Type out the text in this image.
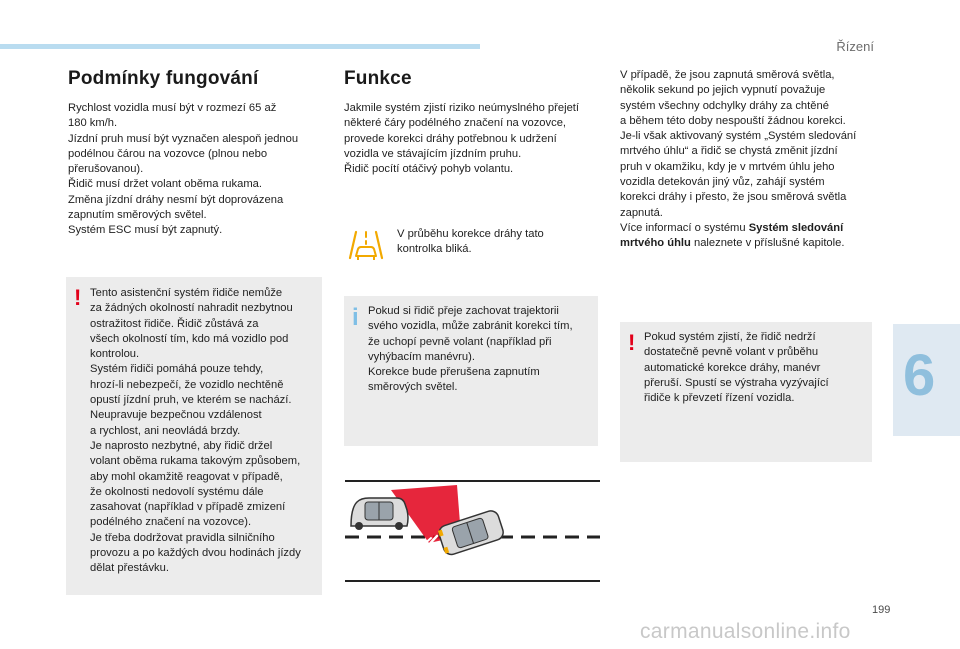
Řízení
Podmínky fungování

Rychlost vozidla musí být v rozmezí 65 až

180 km/h.

Jízdní pruh musí být vyznačen alespoň jednou

podélnou čárou na vozovce (plnou nebo

přerušovanou).

Řidič musí držet volant oběma rukama.

Změna jízdní dráhy nesmí být doprovázena

zapnutím směrových světel.

Systém ESC musí být zapnutý.

! Tento asistenční systém řidiče nemůže

za žádných okolností nahradit nezbytnou

ostražitost řidiče. Řidič zůstává za

všech okolností tím, kdo má vozidlo pod

kontrolou.

Systém řidiči pomáhá pouze tehdy,

hrozí-li nebezpečí, že vozidlo nechtěně

opustí jízdní pruh, ve kterém se nachází.

Neupravuje bezpečnou vzdálenost

a rychlost, ani neovládá brzdy.

Je naprosto nezbytné, aby řidič držel

volant oběma rukama takovým způsobem,

aby mohl okamžitě reagovat v případě,

že okolnosti nedovolí systému dále

zasahovat (například v případě zmizení

podélného značení na vozovce).

Je třeba dodržovat pravidla silničního

provozu a po každých dvou hodinách jízdy

dělat přestávku.

Funkce

Jakmile systém zjistí riziko neúmyslného přejetí

některé čáry podélného značení na vozovce,

provede korekci dráhy potřebnou k udržení

vozidla ve stávajícím jízdním pruhu.

Řidič pocítí otáčivý pohyb volantu.

V průběhu korekce dráhy tato

kontrolka bliká.

i Pokud si řidič přeje zachovat trajektorii

svého vozidla, může zabránit korekci tím,

že uchopí pevně volant (například při

vyhýbacím manévru).

Korekce bude přerušena zapnutím

směrových světel.

V případě, že jsou zapnutá směrová světla,

několik sekund po jejich vypnutí považuje

systém všechny odchylky dráhy za chtěné

a během této doby nespouští žádnou korekci.

Je-li však aktivovaný systém „Systém sledování

mrtvého úhlu“ a řidič se chystá změnit jízdní

pruh v okamžiku, kdy je v mrtvém úhlu jeho

vozidla detekován jiný vůz, zahájí systém

korekci dráhy i přesto, že jsou směrová světla

zapnutá.

Více informací o systému Systém sledování

mrtvého úhlu naleznete v příslušné kapitole.

! Pokud systém zjistí, že řidič nedrží

dostatečně pevně volant v průběhu

automatické korekce dráhy, manévr

přeruší. Spustí se výstraha vyzývající

řidiče k převzetí řízení vozidla.	6
199
carmanualsonline.info
